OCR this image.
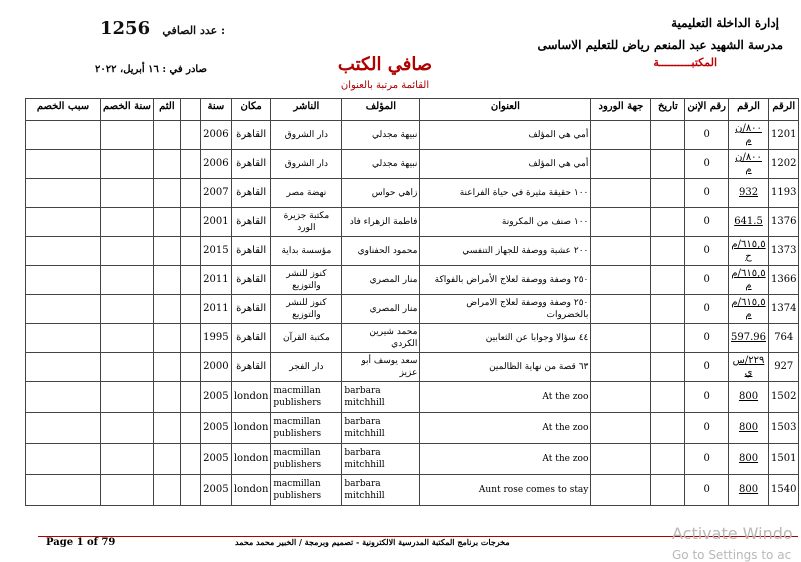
إدارة الداخلة التعليمية
مدرسة الشهيد عبد المنعم رياض للتعليم الاساسى
المكتبــــــــــة
1256 عدد الصافي :
صافي الكتب
القائمة مرتبة بالعنوان
صادر في : ١٦ أبريل، ٢٠٢٢
سبب الخصم	سنة الخصم	الثم		سنة	مكان	الناشر	المؤلف	العنوان	جهة الورود	تاريخ	رقم الإنن	الرقم	الرقم
				2006	القاهرة	دار الشروق	نبيهة مجدلي	أمي هي المؤلف			0	٨٠٠/ن م	1201
				2006	القاهرة	دار الشروق	نبيهة مجدلي	أمي هي المؤلف			0	٨٠٠/ن م	1202
				2007	القاهرة	نهضة مصر	زاهي حواس	١٠٠ حقيقة مثيرة في حياة الفراعنة			0	932	1193
				2001	القاهرة	مكتبة جزيرة الورد	فاطمة الزهراء فاد	١٠٠ صنف من المكرونة			0	641.5	1376
				2015	القاهرة	مؤسسة بداية	محمود الحفناوي	٢٠٠ عشبة ووصفة للجهاز التنفسي			0	٦١٥,٥/م ح	1373
				2011	القاهرة	كنوز للنشر والتوزيع	منار المصري	٢٥٠ وصفة ووصفة لعلاج الأمراض بالفواكة			0	٦١٥,٥/م م	1366
				2011	القاهرة	كنوز للنشر والتوزيع	منار المصري	٢٥٠ وصفة ووصفة لعلاج الامراض بالخضروات			0	٦١٥,٥/م م	1374
				1995	القاهرة	مكتبة القرآن	محمد شيرين الكردي	٤٤ سؤالا وجوابا عن الثعابين			0	597.96	764
				2000	القاهرة	دار الفجر	سعد يوسف أبو عزيز	٦٣ قصة من نهاية الظالمين			0	٢٢٩/س ي	927
				2005	london	macmillan publishers	barbara mitchhill	At the zoo			0	800	1502
				2005	london	macmillan publishers	barbara mitchhill	At the zoo			0	800	1503
				2005	london	macmillan publishers	barbara mitchhill	At the zoo			0	800	1501
				2005	london	macmillan publishers	barbara mitchhill	Aunt rose comes to stay			0	800	1540
Page 1 of 79	مخرجات برنامج المكتبة المدرسية الالكترونية - تصميم وبرمجة / الخبير محمد محمد	Activate Windo
Go to Settings to ac
